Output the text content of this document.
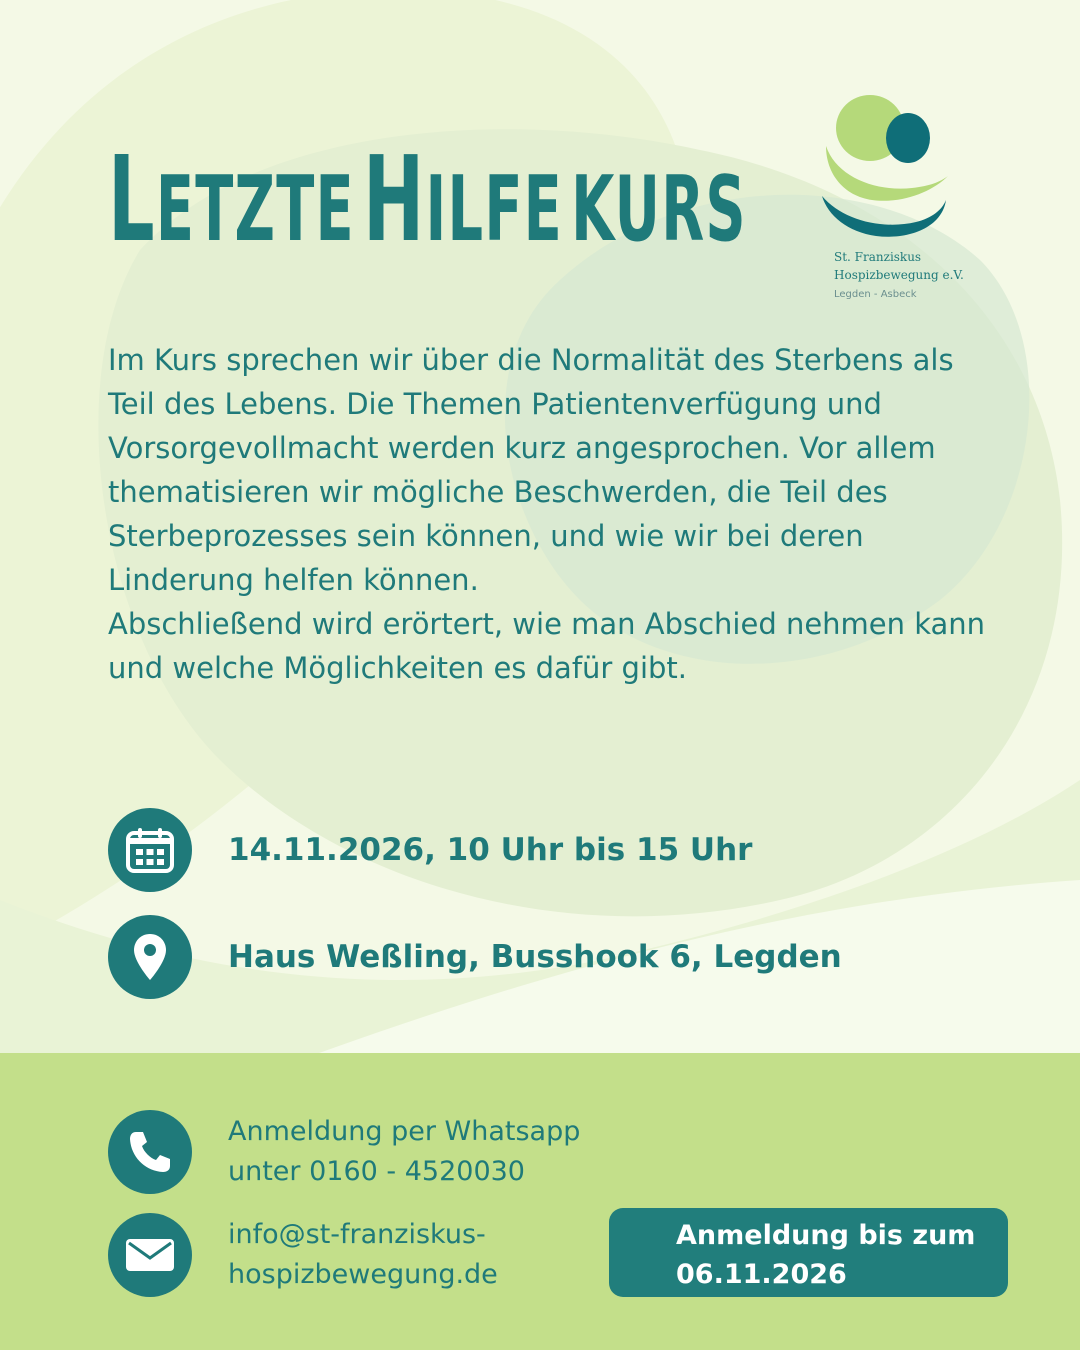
LETZTE HILFE KURS	St. Franziskus
Hospizbewegung e.V.
Legden - Asbeck

Im Kurs sprechen wir über die Normalität des Sterbens als Teil des Lebens. Die Themen Patientenverfügung und Vorsorgevollmacht werden kurz angesprochen. Vor allem thematisieren wir mögliche Beschwerden, die Teil des Sterbeprozesses sein können, und wie wir bei deren Linderung helfen können.

Abschließend wird erörtert, wie man Abschied nehmen kann und welche Möglichkeiten es dafür gibt.

14.11.2026, 10 Uhr bis 15 Uhr
Haus Weßling, Busshook 6, Legden
Anmeldung per Whatsapp
unter 0160 - 4520030
info@st-franziskus-
hospizbewegung.de
Anmeldung bis zum
06.11.2026
